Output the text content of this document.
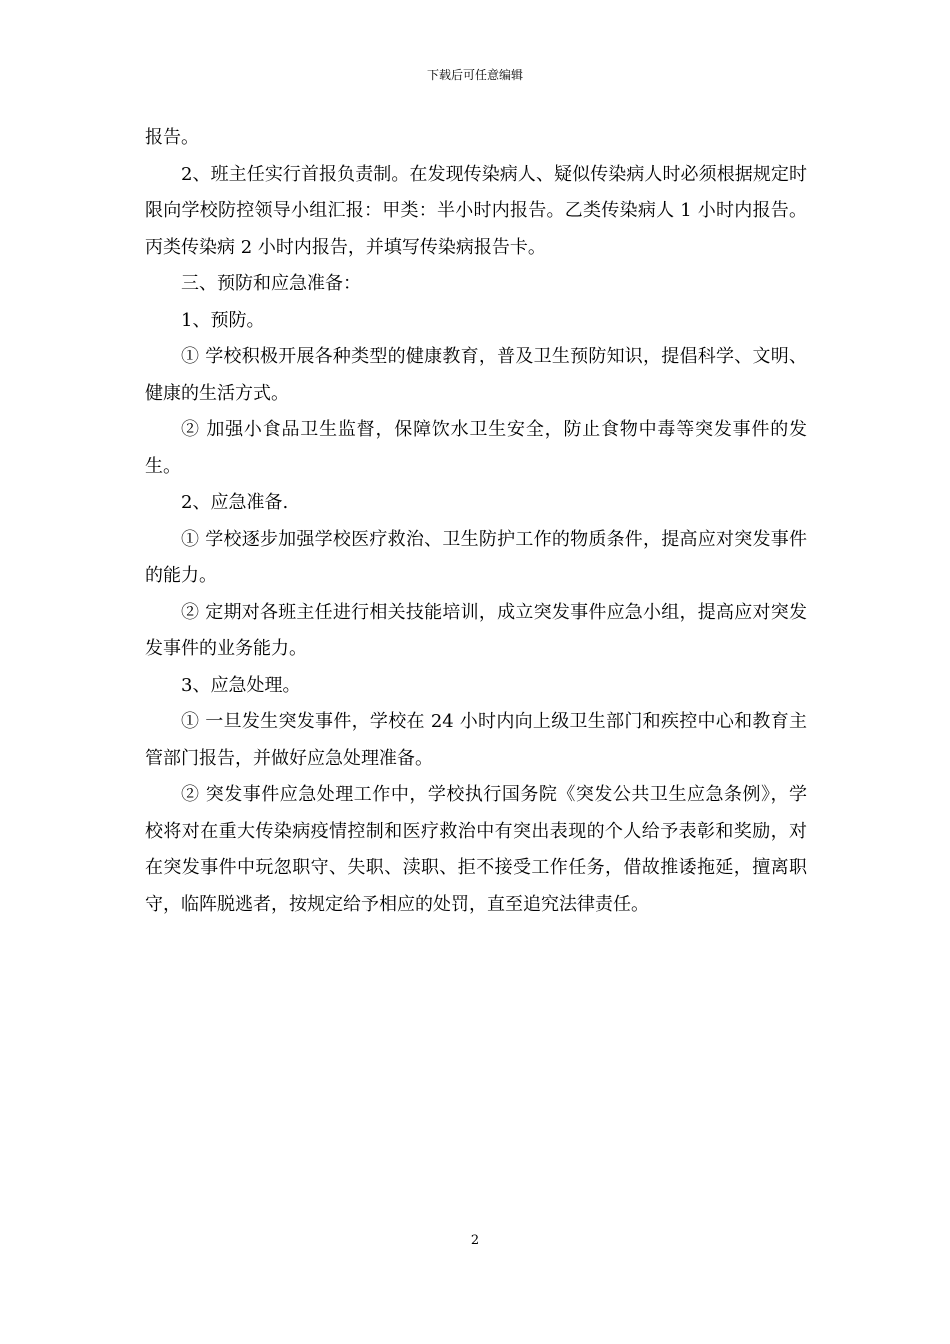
下载后可任意编辑

报告。

2、班主任实行首报负责制。在发现传染病人、疑似传染病人时必须根据规定时限向学校防控领导小组汇报：甲类：半小时内报告。乙类传染病人 1 小时内报告。丙类传染病 2 小时内报告，并填写传染病报告卡。

三、预防和应急准备：

1、预防。

① 学校积极开展各种类型的健康教育，普及卫生预防知识，提倡科学、文明、健康的生活方式。

② 加强小食品卫生监督，保障饮水卫生安全，防止食物中毒等突发事件的发生。

2、应急准备.

① 学校逐步加强学校医疗救治、卫生防护工作的物质条件，提高应对突发事件的能力。

② 定期对各班主任进行相关技能培训，成立突发事件应急小组，提高应对突发发事件的业务能力。

3、应急处理。

① 一旦发生突发事件，学校在 24 小时内向上级卫生部门和疾控中心和教育主管部门报告，并做好应急处理准备。

② 突发事件应急处理工作中，学校执行国务院《突发公共卫生应急条例》，学校将对在重大传染病疫情控制和医疗救治中有突出表现的个人给予表彰和奖励，对在突发事件中玩忽职守、失职、渎职、拒不接受工作任务，借故推诿拖延，擅离职守，临阵脱逃者，按规定给予相应的处罚，直至追究法律责任。

2
